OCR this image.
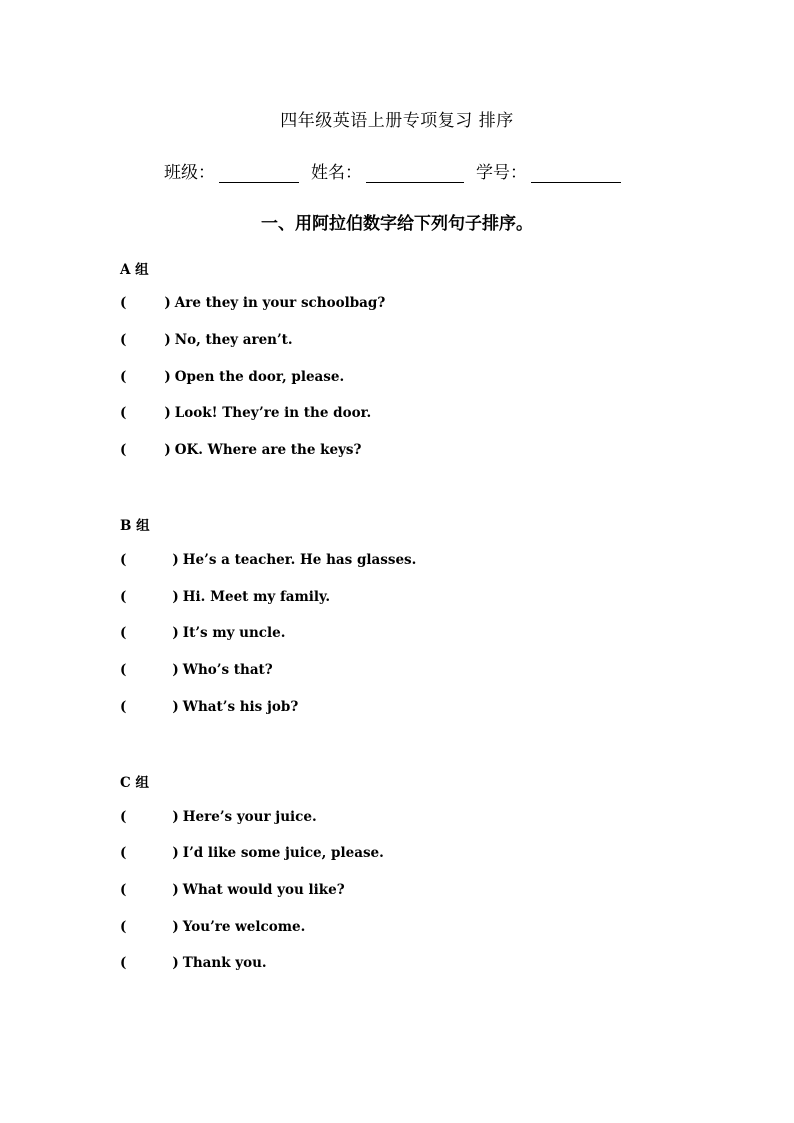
四年级英语上册专项复习 排序
班级：	姓名：	学号：
一、用阿拉伯数字给下列句子排序。
A 组
(	) Are they in your schoolbag?
(	) No, they aren’t.
(	) Open the door, please.
(	) Look! They’re in the door.
(	) OK. Where are the keys?
B 组
(	) He’s a teacher. He has glasses.
(	) Hi. Meet my family.
(	) It’s my uncle.
(	) Who’s that?
(	) What’s his job?
C 组
(	) Here’s your juice.
(	) I’d like some juice, please.
(	) What would you like?
(	) You’re welcome.
(	) Thank you.
